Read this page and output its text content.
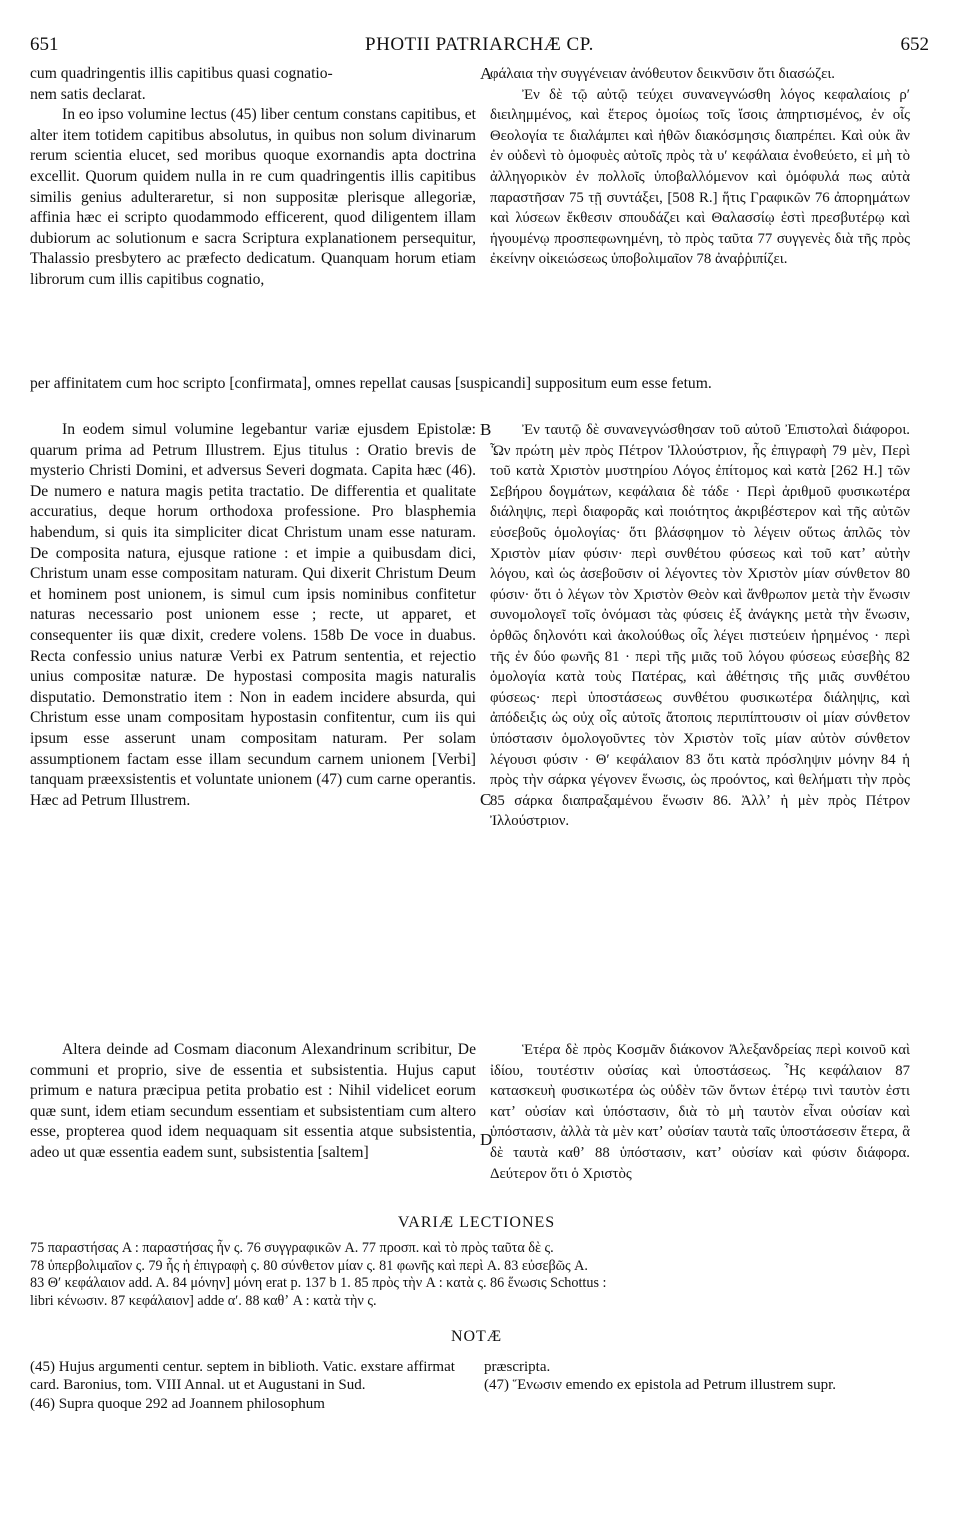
651	PHOTII PATRIARCHÆ CP.	652

cum quadringentis illis capitibus quasi cognatio-

nem satis declarat.

In eo ipso volumine lectus (45) liber centum constans capitibus, et alter item totidem capitibus absolutus, in quibus non solum divinarum rerum scientia elucet, sed moribus quoque exornandis apta doctrina excellit. Quorum quidem nulla in re cum quadringentis illis capitibus similis genius adulteraretur, si non suppositæ plerisque allegoriæ, affinia hæc ei scripto quodammodo efficerent, quod diligentem illam dubiorum ac solutionum e sacra Scriptura explanationem persequitur, Thalassio presbytero ac præfecto dedicatum. Quanquam horum etiam librorum cum illis capitibus cognatio,

A

φάλαια τὴν συγγένειαν ἀνόθευτον δεικνῦσιν ὅτι διασώζει.

Ἐν δὲ τῷ αὐτῷ τεύχει συνανεγνώσθη λόγος κεφαλαίοις ρʹ διειλημμένος, καὶ ἕτερος ὁμοίως τοῖς ἴσοις ἀπηρτισμένος, ἐν οἷς Θεολογία τε διαλάμπει καὶ ἠθῶν διακόσμησις διαπρέπει. Καὶ οὐκ ἂν ἐν οὐδενὶ τὸ ὁμοφυὲς αὐτοῖς πρὸς τὰ υʹ κεφάλαια ἐνοθεύετο, εἰ μὴ τὸ ἀλληγορικὸν ἐν πολλοῖς ὑποβαλλόμενον καὶ ὁμόφυλά πως αὐτὰ παραστῆσαν 75 τῇ συντάξει, [508 R.] ἥτις Γραφικῶν 76 ἀπορημάτων καὶ λύσεων ἔκθεσιν σπουδάζει καὶ Θαλασσίῳ ἐστὶ πρεσβυτέρῳ καὶ ἡγουμένῳ προσπεφωνημένη, τὸ πρὸς ταῦτα 77 συγγενὲς διὰ τῆς πρὸς ἐκείνην οἰκειώσεως ὑποβολιμαῖον 78 ἀναῤῥιπίζει.

per affinitatem cum hoc scripto [confirmata], omnes repellat causas [suspicandi] suppositum eum esse fetum.
In eodem simul volumine legebantur variæ ejusdem Epistolæ: quarum prima ad Petrum Illustrem. Ejus titulus : Oratio brevis de mysterio Christi Domini, et adversus Severi dogmata. Capita hæc (46). De numero e natura magis petita tractatio. De differentia et qualitate accuratius, deque horum orthodoxa professione. Pro blasphemia habendum, si quis ita simpliciter dicat Christum unam esse naturam. De composita natura, ejusque ratione : et impie a quibusdam dici, Christum unam esse compositam naturam. Qui dixerit Christum Deum et hominem post unionem, is simul cum ipsis nominibus confitetur naturas necessario post unionem esse ; recte, ut apparet, et consequenter iis quæ dixit, credere volens. 158b De voce in duabus. Recta confessio unius naturæ Verbi ex Patrum sententia, et rejectio unius compositæ naturæ. De hypostasi composita magis naturalis disputatio. Demonstratio item : Non in eadem incidere absurda, qui Christum esse unam compositam hypostasin confitentur, cum iis qui ipsum esse asserunt unam compositam naturam. Per solam assumptionem factam esse illam secundum carnem unionem [Verbi] tanquam præexsistentis et voluntate unionem (47) cum carne operantis. Hæc ad Petrum Illustrem.
B
C
Ἐν ταυτῷ δὲ συνανεγνώσθησαν τοῦ αὐτοῦ Ἐπιστολαὶ διάφοροι. Ὧν πρώτη μὲν πρὸς Πέτρον Ἰλλούστριον, ἧς ἐπιγραφὴ 79 μὲν, Περὶ τοῦ κατὰ Χριστὸν μυστηρίου Λόγος ἐπίτομος καὶ κατὰ [262 H.] τῶν Σεβήρου δογμάτων, κεφάλαια δὲ τάδε · Περὶ ἀριθμοῦ φυσικωτέρα διάληψις, περὶ διαφορᾶς καὶ ποιότητος ἀκριβέστερον καὶ τῆς αὐτῶν εὐσεβοῦς ὁμολογίας· ὅτι βλάσφημον τὸ λέγειν οὕτως ἁπλῶς τὸν Χριστὸν μίαν φύσιν· περὶ συνθέτου φύσεως καὶ τοῦ κατʼ αὐτὴν λόγου, καὶ ὡς ἀσεβοῦσιν οἱ λέγοντες τὸν Χριστὸν μίαν σύνθετον 80 φύσιν· ὅτι ὁ λέγων τὸν Χριστὸν Θεὸν καὶ ἄνθρωπον μετὰ τὴν ἕνωσιν συνομολογεῖ τοῖς ὀνόμασι τὰς φύσεις ἐξ ἀνάγκης μετὰ τὴν ἕνωσιν, ὀρθῶς δηλονότι καὶ ἀκολούθως οἷς λέγει πιστεύειν ἡρημένος · περὶ τῆς ἐν δύο φωνῆς 81 · περὶ τῆς μιᾶς τοῦ λόγου φύσεως εὐσεβὴς 82 ὁμολογία κατὰ τοὺς Πατέρας, καὶ ἀθέτησις τῆς μιᾶς συνθέτου φύσεως· περὶ ὑποστάσεως συνθέτου φυσικωτέρα διάληψις, καὶ ἀπόδειξις ὡς οὐχ οἷς αὐτοῖς ἄτοποις περιπίπτουσιν οἱ μίαν σύνθετον ὑπόστασιν ὁμολογοῦντες τὸν Χριστὸν τοῖς μίαν αὐτὸν σύνθετον λέγουσι φύσιν · Θʹ κεφάλαιον 83 ὅτι κατὰ πρόσληψιν μόνην 84 ἡ πρὸς τὴν σάρκα γέγονεν ἕνωσις, ὡς προόντος, καὶ θελήματι τὴν πρὸς 85 σάρκα διαπραξαμένου ἕνωσιν 86. Ἀλλʼ ἡ μὲν πρὸς Πέτρον Ἰλλούστριον.
Altera deinde ad Cosmam diaconum Alexandrinum scribitur, De communi et proprio, sive de essentia et subsistentia. Hujus caput primum e natura præcipua petita probatio est : Nihil videlicet eorum quæ sunt, idem etiam secundum essentiam et subsistentiam cum altero esse, propterea quod idem nequaquam sit essentia atque subsistentia, adeo ut quæ essentia eadem sunt, subsistentia [saltem]
D
Ἑτέρα δὲ πρὸς Κοσμᾶν διάκονον Ἀλεξανδρείας περὶ κοινοῦ καὶ ἰδίου, τουτέστιν οὐσίας καὶ ὑποστάσεως. Ἧς κεφάλαιον 87 κατασκευὴ φυσικωτέρα ὡς οὐδὲν τῶν ὄντων ἑτέρῳ τινὶ ταυτὸν ἐστι κατʼ οὐσίαν καὶ ὑπόστασιν, διὰ τὸ μὴ ταυτὸν εἶναι οὐσίαν καὶ ὑπόστασιν, ἀλλὰ τὰ μὲν κατʼ οὐσίαν ταυτὰ ταῖς ὑποστάσεσιν ἕτερα, ἃ δὲ ταυτὰ καθʼ 88 ὑπόστασιν, κατʼ οὐσίαν καὶ φύσιν διάφορα. Δεύτερον ὅτι ὁ Χριστὸς
VARIÆ LECTIONES
75 παραστήσας A : παραστήσας ἦν ς. 76 συγγραφικῶν A. 77 προσπ. καὶ τὸ πρὸς ταῦτα δὲ ς.
78 ὑπερβολιμαῖον ς. 79 ἧς ἡ ἐπιγραφὴ ς. 80 σύνθετον μίαν ς. 81 φωνῆς καὶ περὶ A. 83 εὐσεβῶς A.
83 Θʹ κεφάλαιον add. A. 84 μόνην] μόνη erat p. 137 b 1. 85 πρὸς τὴν A : κατὰ ς. 86 ἕνωσις Schottus :
libri κένωσιν. 87 κεφάλαιον] adde αʹ. 88 καθʼ A : κατὰ τὴν ς.
NOTÆ

(45) Hujus argumenti centur. septem in biblioth. Vatic. exstare affirmat card. Baronius, tom. VIII Annal. ut et Augustani in Sud.

(46) Supra quoque 292 ad Joannem philosophum

præscripta.

(47) Ἕνωσιν emendo ex epistola ad Petrum illustrem supr.
